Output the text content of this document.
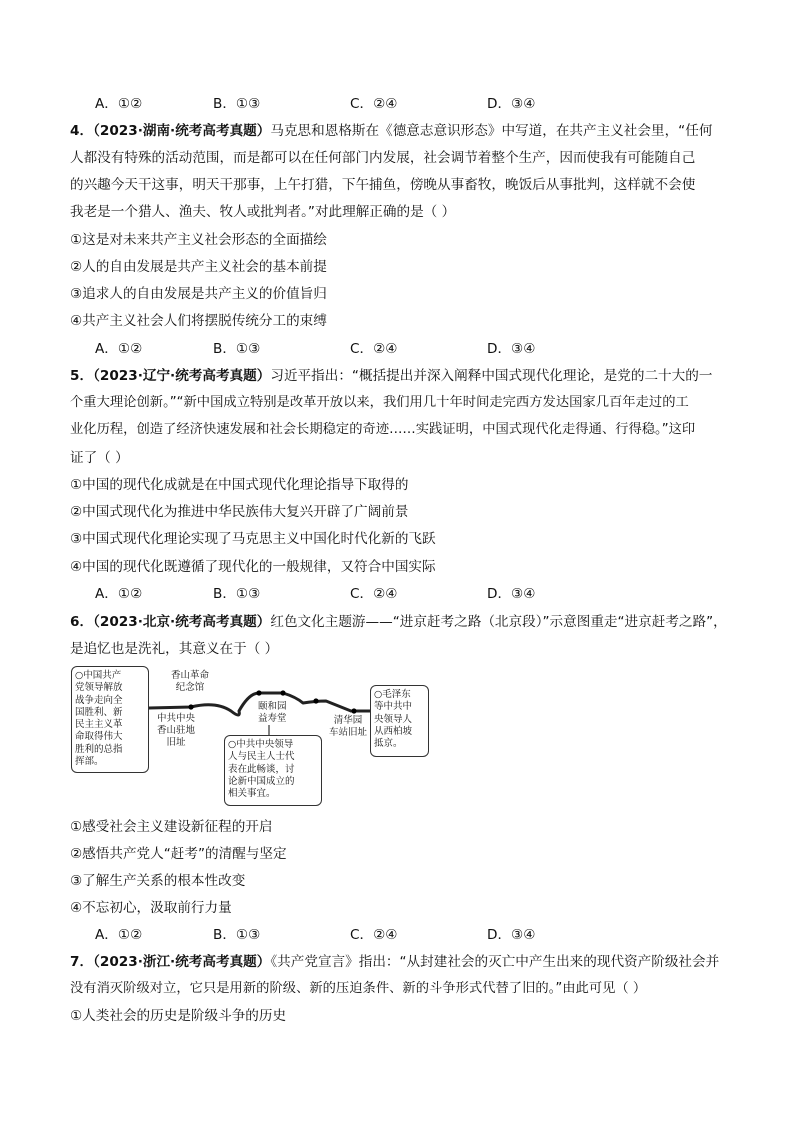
A．①②	B．①③	C．②④	D．③④
4．（2023·湖南·统考高考真题）马克思和恩格斯在《德意志意识形态》中写道，在共产主义社会里，“任何
人都没有特殊的活动范围，而是都可以在任何部门内发展，社会调节着整个生产，因而使我有可能随自己
的兴趣今天干这事，明天干那事，上午打猎，下午捕鱼，傍晚从事畜牧，晚饭后从事批判，这样就不会使
我老是一个猎人、渔夫、牧人或批判者。”对此理解正确的是（ ）
①这是对未来共产主义社会形态的全面描绘
②人的自由发展是共产主义社会的基本前提
③追求人的自由发展是共产主义的价值旨归
④共产主义社会人们将摆脱传统分工的束缚
A．①②	B．①③	C．②④	D．③④
5．（2023·辽宁·统考高考真题）习近平指出：“概括提出并深入阐释中国式现代化理论，是党的二十大的一
个重大理论创新。”“新中国成立特别是改革开放以来，我们用几十年时间走完西方发达国家几百年走过的工
业化历程，创造了经济快速发展和社会长期稳定的奇迹……实践证明，中国式现代化走得通、行得稳。”这印
证了（ ）
①中国的现代化成就是在中国式现代化理论指导下取得的
②中国式现代化为推进中华民族伟大复兴开辟了广阔前景
③中国式现代化理论实现了马克思主义中国化时代化新的飞跃
④中国的现代化既遵循了现代化的一般规律，又符合中国实际
A．①②	B．①③	C．②④	D．③④
6．（2023·北京·统考高考真题）红色文化主题游——“进京赶考之路（北京段）”示意图重走“进京赶考之路”，
是追忆也是洗礼，其意义在于（ ）
○中国共产
党领导解放
战争走向全
国胜利、新
民主主义革
命取得伟大
胜利的总指
挥部。
香山革命
纪念馆
中共中央
香山驻地
旧址
颐和园
益寿堂
○中共中央领导
人与民主人士代
表在此畅谈，讨
论新中国成立的
相关事宜。
清华园
车站旧址
○毛泽东
等中共中
央领导人
从西柏坡
抵京。
①感受社会主义建设新征程的开启
②感悟共产党人“赶考”的清醒与坚定
③了解生产关系的根本性改变
④不忘初心，汲取前行力量
A．①②	B．①③	C．②④	D．③④
7．（2023·浙江·统考高考真题）《共产党宣言》指出：“从封建社会的灭亡中产生出来的现代资产阶级社会并
没有消灭阶级对立，它只是用新的阶级、新的压迫条件、新的斗争形式代替了旧的。”由此可见（ ）
①人类社会的历史是阶级斗争的历史
